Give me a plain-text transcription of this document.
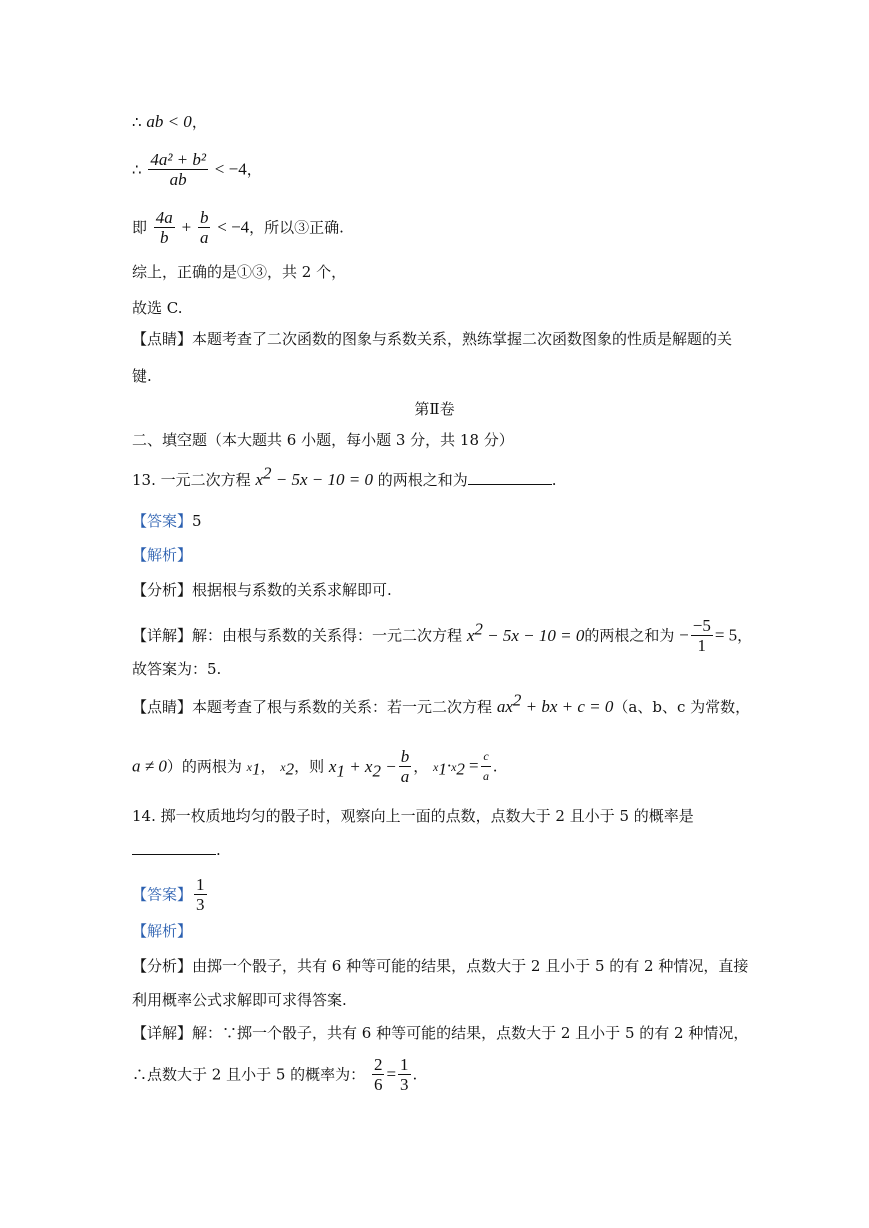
∴ ab < 0，
∴ $\frac{\text{4a² + b²}}{ab} < -4$，
即 $\frac{4a}{b} + \frac{b}{a} < -4$，所以③正确.
综上，正确的是①③，共 2 个，
故选 C.
【点睛】本题考查了二次函数的图象与系数关系，熟练掌握二次函数图象的性质是解题的关
键.
第Ⅱ卷
二、填空题（本大题共 6 小题，每小题 3 分，共 18 分）
13. 一元二次方程 $x^2 - 5x - 10 = 0$ 的两根之和为	.
【答案】5
【解析】
【分析】根据根与系数的关系求解即可.
【详解】解：由根与系数的关系得：一元二次方程 $x^2 - 5x - 10 = 0$的两根之和为 − $\frac{-5}{1} = 5$，
故答案为：5.
【点睛】本题考查了根与系数的关系：若一元二次方程 $ax^2$ + bx + c = 0（a、b、c 为常数，
a ≠ 0）的两根为 $x_1$， $x_2$，则 $x_1 + x_2 - \frac{b}{a}$ ， $x_1\cdot x_2 = \frac{c}{a}$ .
14. 掷一枚质地均匀的骰子时，观察向上一面的点数，点数大于 2 且小于 5 的概率是
.
【答案】 $\frac{1}{3}$
【解析】
【分析】由掷一个骰子，共有 6 种等可能的结果，点数大于 2 且小于 5 的有 2 种情况，直接
利用概率公式求解即可求得答案.
【详解】解：∵掷一个骰子，共有 6 种等可能的结果，点数大于 2 且小于 5 的有 2 种情况，
∴点数大于 2 且小于 5 的概率为： $\frac{2}{6} = \frac{1}{3}$ .
